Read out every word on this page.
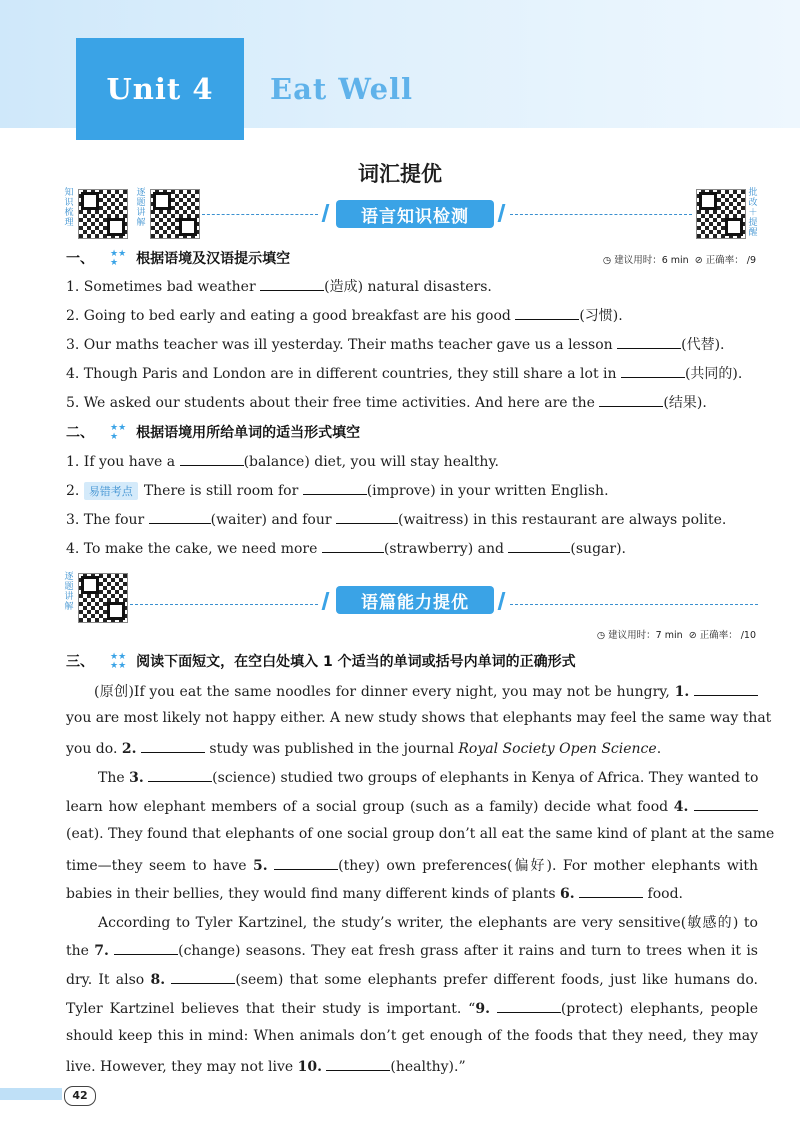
Unit 4 Eat Well
词汇提优
知识梳理
逐题讲解	语言知识检测
批改＋提醒
一、 ★★
★ 根据语境及汉语提示填空	◷ 建议用时：6 min ⊘ 正确率： /9
1. Sometimes bad weather	(造成) natural disasters.
2. Going to bed early and eating a good breakfast are his good	(习惯).
3. Our maths teacher was ill yesterday. Their maths teacher gave us a lesson	(代替).
4. Though Paris and London are in different countries, they still share a lot in	(共同的).
5. We asked our students about their free time activities. And here are the	(结果).
二、 ★★
★ 根据语境用所给单词的适当形式填空
1. If you have a	(balance) diet, you will stay healthy.
2. 易错考点 There is still room for	(improve) in your written English.
3. The four	(waiter) and four	(waitress) in this restaurant are always polite.
4. To make the cake, we need more	(strawberry) and	(sugar).
逐题讲解	语篇能力提优
◷ 建议用时：7 min ⊘ 正确率： /10
三、 ★★
★★ 阅读下面短文，在空白处填入 1 个适当的单词或括号内单词的正确形式
(原创)If you eat the same noodles for dinner every night, you may not be hungry, 1.
you are most likely not happy either. A new study shows that elephants may feel the same way that
you do. 2.	study was published in the journal Royal Society Open Science.
The 3.	(science) studied two groups of elephants in Kenya of Africa. They wanted to
learn how elephant members of a social group (such as a family) decide what food 4.
(eat). They found that elephants of one social group don’t all eat the same kind of plant at the same
time—they seem to have 5.	(they) own preferences(偏好). For mother elephants with
babies in their bellies, they would find many different kinds of plants 6.	food.
According to Tyler Kartzinel, the study’s writer, the elephants are very sensitive(敏感的) to
the 7.	(change) seasons. They eat fresh grass after it rains and turn to trees when it is
dry. It also 8.	(seem) that some elephants prefer different foods, just like humans do.
Tyler Kartzinel believes that their study is important. “9.	(protect) elephants, people
should keep this in mind: When animals don’t get enough of the foods that they need, they may
live. However, they may not live 10.	(healthy).”
42
